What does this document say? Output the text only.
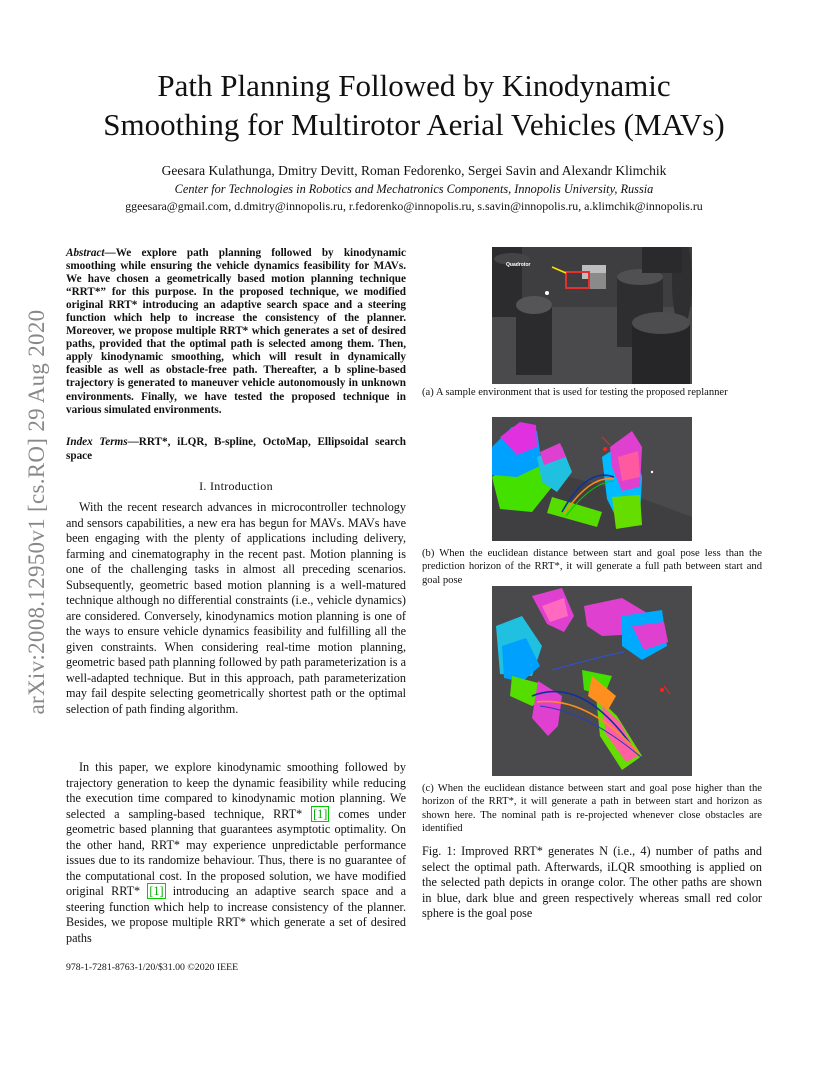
arXiv:2008.12950v1 [cs.RO] 29 Aug 2020
Path Planning Followed by Kinodynamic
Smoothing for Multirotor Aerial Vehicles (MAVs)
Geesara Kulathunga, Dmitry Devitt, Roman Fedorenko, Sergei Savin and Alexandr Klimchik
Center for Technologies in Robotics and Mechatronics Components, Innopolis University, Russia
ggeesara@gmail.com, d.dmitry@innopolis.ru, r.fedorenko@innopolis.ru, s.savin@innopolis.ru, a.klimchik@innopolis.ru
Abstract—We explore path planning followed by kinodynamic smoothing while ensuring the vehicle dynamics feasibility for MAVs. We have chosen a geometrically based motion planning technique “RRT*” for this purpose. In the proposed technique, we modified original RRT* introducing an adaptive search space and a steering function which help to increase the consistency of the planner. Moreover, we propose multiple RRT* which generates a set of desired paths, provided that the optimal path is selected among them. Then, apply kinodynamic smoothing, which will result in dynamically feasible as well as obstacle-free path. Thereafter, a b spline-based trajectory is generated to maneuver vehicle autonomously in unknown environments. Finally, we have tested the proposed technique in various simulated environments.
Index Terms—RRT*, iLQR, B-spline, OctoMap, Ellipsoidal search space
I. Introduction
With the recent research advances in microcontroller technology and sensors capabilities, a new era has begun for MAVs. MAVs have been engaging with the plenty of applications including delivery, farming and cinematography in the recent past. Motion planning is one of the challenging tasks in almost all preceding scenarios. Subsequently, geometric based motion planning is a well-matured technique although no differential constraints (i.e., vehicle dynamics) are considered. Conversely, kinodynamics motion planning is one of the ways to ensure vehicle dynamics feasibility and fulfilling all the given constraints. When considering real-time motion planning, geometric based path planning followed by path parameterization is a well-adapted technique. But in this approach, path parameterization may fail despite selecting geometrically shortest path or the optimal selection of path finding algorithm.
In this paper, we explore kinodynamic smoothing followed by trajectory generation to keep the dynamic feasibility while reducing the execution time compared to kinodynamic motion planning. We selected a sampling-based technique, RRT* [1] comes under geometric based planning that guarantees asymptotic optimality. On the other hand, RRT* may experience unpredictable performance issues due to its randomize behaviour. Thus, there is no guarantee of the computational cost. In the proposed solution, we have modified original RRT* [1] introducing an adaptive search space and a steering function which help to increase consistency of the planner. Besides, we propose multiple RRT* which generate a set of desired paths
978-1-7281-8763-1/20/$31.00 ©2020 IEEE
Quadrotor
(a) A sample environment that is used for testing the proposed replanner
(b) When the euclidean distance between start and goal pose less than the prediction horizon of the RRT*, it will generate a full path between start and goal pose
(c) When the euclidean distance between start and goal pose higher than the horizon of the RRT*, it will generate a path in between start and horizon as shown here. The nominal path is re-projected whenever close obstacles are identified
Fig. 1: Improved RRT* generates N (i.e., 4) number of paths and select the optimal path. Afterwards, iLQR smoothing is applied on the selected path depicts in orange color. The other paths are shown in blue, dark blue and green respectively whereas small red color sphere is the goal pose
